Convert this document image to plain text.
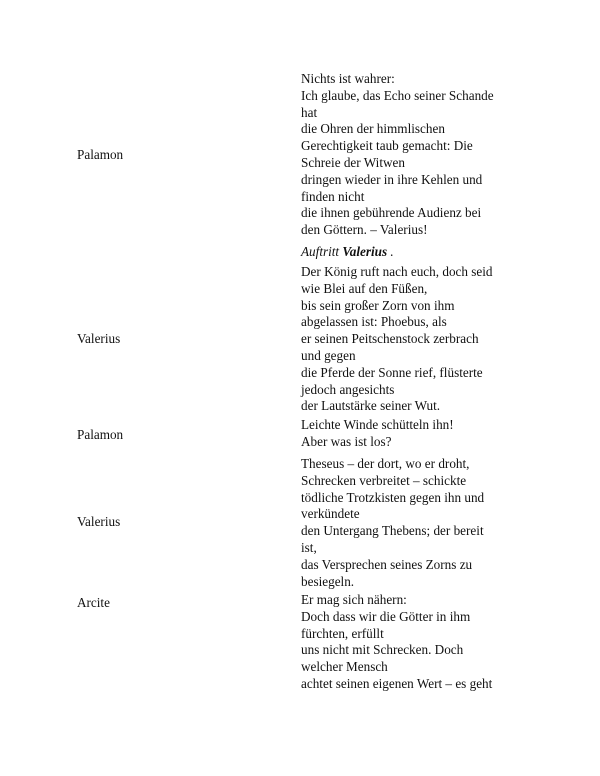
Palamon
Nichts ist wahrer:
Ich glaube, das Echo seiner Schande
hat
die Ohren der himmlischen
Gerechtigkeit taub gemacht: Die
Schreie der Witwen
dringen wieder in ihre Kehlen und
finden nicht
die ihnen gebührende Audienz bei
den Göttern. – Valerius!
Auftritt Valerius .
Valerius
Der König ruft nach euch, doch seid
wie Blei auf den Füßen,
bis sein großer Zorn von ihm
abgelassen ist: Phoebus, als
er seinen Peitschenstock zerbrach
und gegen
die Pferde der Sonne rief, flüsterte
jedoch angesichts
der Lautstärke seiner Wut.
Palamon
Leichte Winde schütteln ihn!
Aber was ist los?
Valerius
Theseus – der dort, wo er droht,
Schrecken verbreitet – schickte
tödliche Trotzkisten gegen ihn und
verkündete
den Untergang Thebens; der bereit
ist,
das Versprechen seines Zorns zu
besiegeln.
Arcite	Er mag sich nähern:
Doch dass wir die Götter in ihm
fürchten, erfüllt
uns nicht mit Schrecken. Doch
welcher Mensch
achtet seinen eigenen Wert – es geht
